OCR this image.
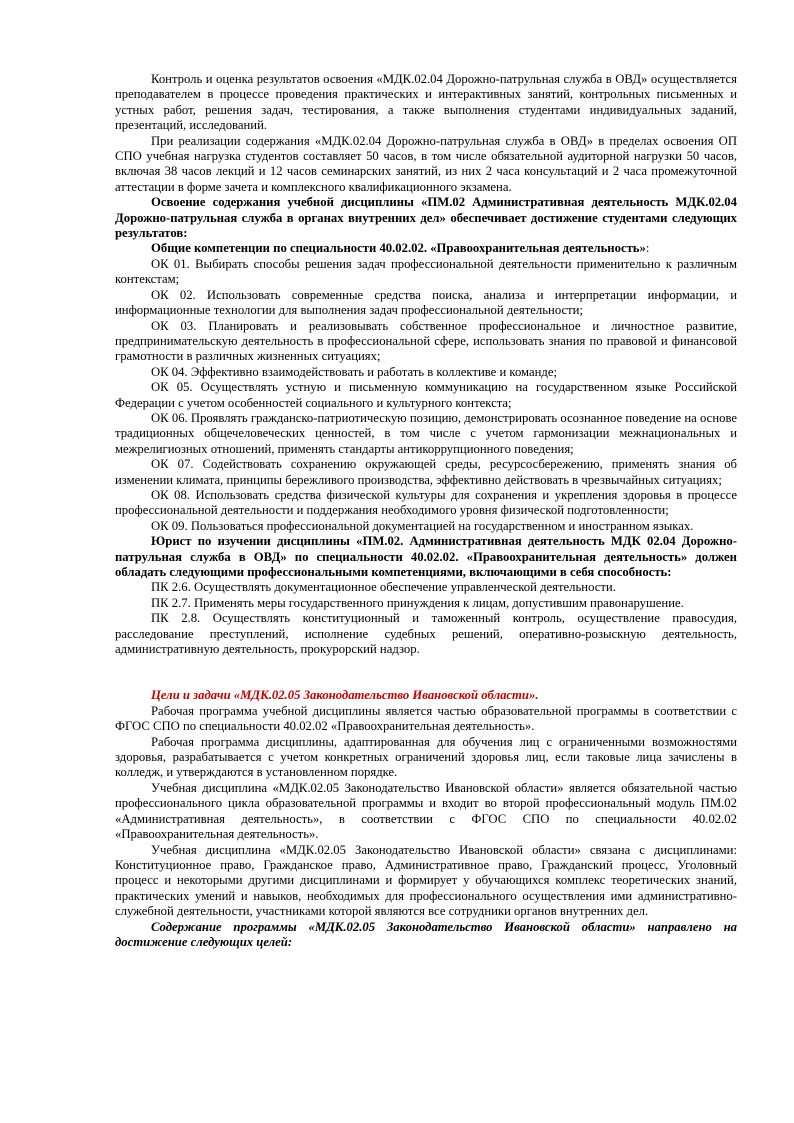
Контроль и оценка результатов освоения «МДК.02.04 Дорожно-патрульная служба в ОВД» осуществляется преподавателем в процессе проведения практических и интерактивных занятий, контрольных письменных и устных работ, решения задач, тестирования, а также выполнения студентами индивидуальных заданий, презентаций, исследований.

При реализации содержания «МДК.02.04 Дорожно-патрульная служба в ОВД» в пределах освоения ОП СПО учебная нагрузка студентов составляет 50 часов, в том числе обязательной аудиторной нагрузки 50 часов, включая 38 часов лекций и 12 часов семинарских занятий, из них 2 часа консультаций и 2 часа промежуточной аттестации в форме зачета и комплексного квалификационного экзамена.

Освоение содержания учебной дисциплины «ПМ.02 Административная деятельность МДК.02.04 Дорожно-патрульная служба в органах внутренних дел» обеспечивает достижение студентами следующих результатов:

Общие компетенции по специальности 40.02.02. «Правоохранительная деятельность»:

ОК 01. Выбирать способы решения задач профессиональной деятельности применительно к различным контекстам;

ОК 02. Использовать современные средства поиска, анализа и интерпретации информации, и информационные технологии для выполнения задач профессиональной деятельности;

ОК 03. Планировать и реализовывать собственное профессиональное и личностное развитие, предпринимательскую деятельность в профессиональной сфере, использовать знания по правовой и финансовой грамотности в различных жизненных ситуациях;

ОК 04. Эффективно взаимодействовать и работать в коллективе и команде;

ОК 05. Осуществлять устную и письменную коммуникацию на государственном языке Российской Федерации с учетом особенностей социального и культурного контекста;

ОК 06. Проявлять гражданско-патриотическую позицию, демонстрировать осознанное поведение на основе традиционных общечеловеческих ценностей, в том числе с учетом гармонизации межнациональных и межрелигиозных отношений, применять стандарты антикоррупционного поведения;

ОК 07. Содействовать сохранению окружающей среды, ресурсосбережению, применять знания об изменении климата, принципы бережливого производства, эффективно действовать в чрезвычайных ситуациях;

ОК 08. Использовать средства физической культуры для сохранения и укрепления здоровья в процессе профессиональной деятельности и поддержания необходимого уровня физической подготовленности;

ОК 09. Пользоваться профессиональной документацией на государственном и иностранном языках.

Юрист по изучении дисциплины «ПМ.02. Административная деятельность МДК 02.04 Дорожно-патрульная служба в ОВД» по специальности 40.02.02. «Правоохранительная деятельность» должен обладать следующими профессиональными компетенциями, включающими в себя способность:

ПК 2.6. Осуществлять документационное обеспечение управленческой деятельности.

ПК 2.7. Применять меры государственного принуждения к лицам, допустившим правонарушение.

ПК 2.8. Осуществлять конституционный и таможенный контроль, осуществление правосудия, расследование преступлений, исполнение судебных решений, оперативно-розыскную деятельность, административную деятельность, прокурорский надзор.

Цели и задачи «МДК.02.05 Законодательство Ивановской области».

Рабочая программа учебной дисциплины является частью образовательной программы в соответствии с ФГОС СПО по специальности 40.02.02 «Правоохранительная деятельность».

Рабочая программа дисциплины, адаптированная для обучения лиц с ограниченными возможностями здоровья, разрабатывается с учетом конкретных ограничений здоровья лиц, если таковые лица зачислены в колледж, и утверждаются в установленном порядке.

Учебная дисциплина «МДК.02.05 Законодательство Ивановской области» является обязательной частью профессионального цикла образовательной программы и входит во второй профессиональный модуль ПМ.02 «Административная деятельность», в соответствии с ФГОС СПО по специальности 40.02.02 «Правоохранительная деятельность».

Учебная дисциплина «МДК.02.05 Законодательство Ивановской области» связана с дисциплинами: Конституционное право, Гражданское право, Административное право, Гражданский процесс, Уголовный процесс и некоторыми другими дисциплинами и формирует у обучающихся комплекс теоретических знаний, практических умений и навыков, необходимых для профессионального осуществления ими административно-служебной деятельности, участниками которой являются все сотрудники органов внутренних дел.

Содержание программы «МДК.02.05 Законодательство Ивановской области» направлено на достижение следующих целей:
